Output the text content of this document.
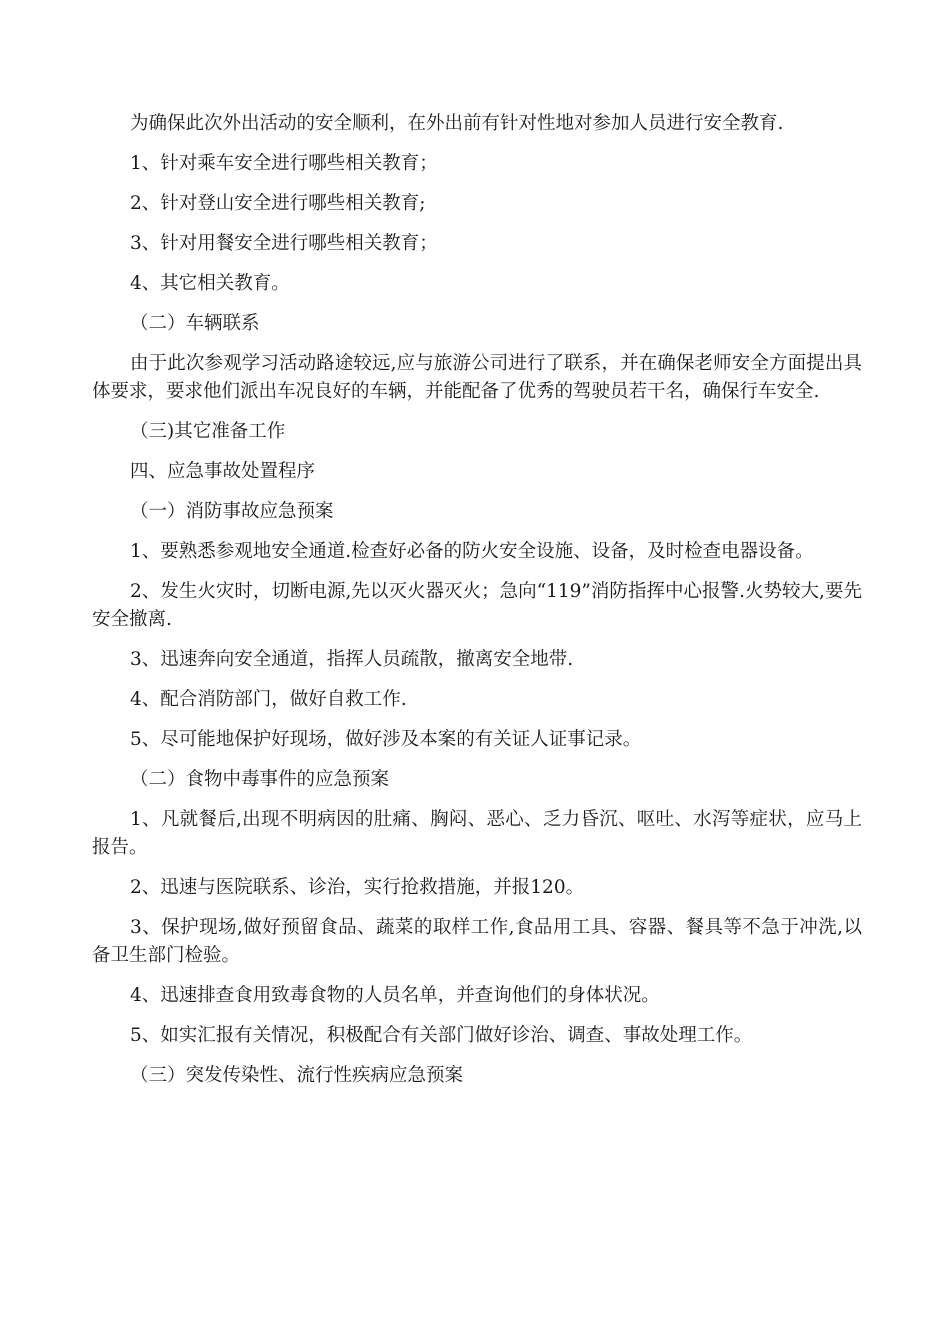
为确保此次外出活动的安全顺利，在外出前有针对性地对参加人员进行安全教育.

1、针对乘车安全进行哪些相关教育；

2、针对登山安全进行哪些相关教育;

3、针对用餐安全进行哪些相关教育；

4、其它相关教育。

（二）车辆联系

由于此次参观学习活动路途较远,应与旅游公司进行了联系，并在确保老师安全方面提出具体要求，要求他们派出车况良好的车辆，并能配备了优秀的驾驶员若干名，确保行车安全.

（三)其它准备工作

四、应急事故处置程序

（一）消防事故应急预案

1、要熟悉参观地安全通道.检查好必备的防火安全设施、设备，及时检查电器设备。

2、发生火灾时，切断电源,先以灭火器灭火；急向“119”消防指挥中心报警.火势较大,要先安全撤离.

3、迅速奔向安全通道，指挥人员疏散，撤离安全地带.

4、配合消防部门，做好自救工作.

5、尽可能地保护好现场，做好涉及本案的有关证人证事记录。

（二）食物中毒事件的应急预案

1、凡就餐后,出现不明病因的肚痛、胸闷、恶心、乏力昏沉、呕吐、水泻等症状，应马上报告。

2、迅速与医院联系、诊治，实行抢救措施，并报120。

3、保护现场,做好预留食品、蔬菜的取样工作,食品用工具、容器、餐具等不急于冲洗,以备卫生部门检验。

4、迅速排查食用致毒食物的人员名单，并查询他们的身体状况。

5、如实汇报有关情况，积极配合有关部门做好诊治、调查、事故处理工作。

（三）突发传染性、流行性疾病应急预案
